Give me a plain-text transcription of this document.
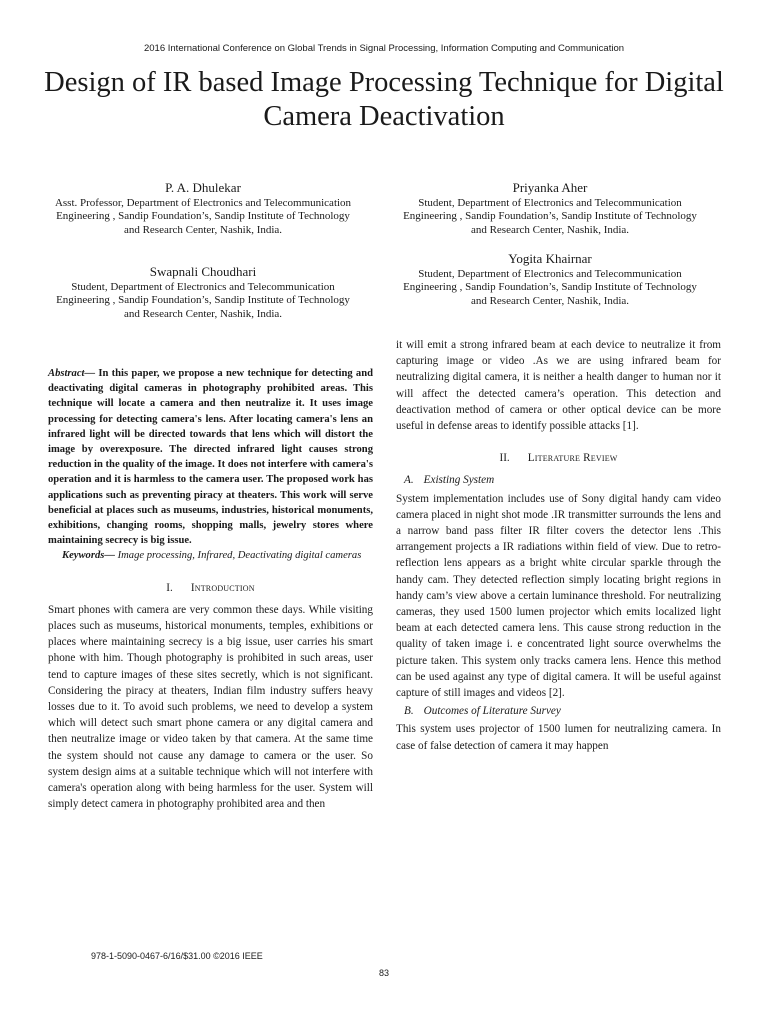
2016 International Conference on Global Trends in Signal Processing, Information Computing and Communication
Design of IR based Image Processing Technique for Digital Camera Deactivation
P. A. Dhulekar
Asst. Professor, Department of Electronics and Telecommunication Engineering , Sandip Foundation’s, Sandip Institute of Technology and Research Center, Nashik, India.
Swapnali Choudhari
Student, Department of Electronics and Telecommunication Engineering , Sandip Foundation’s, Sandip Institute of Technology and Research Center, Nashik, India.
Priyanka Aher
Student, Department of Electronics and Telecommunication Engineering , Sandip Foundation’s, Sandip Institute of Technology and Research Center, Nashik, India.
Yogita Khairnar
Student, Department of Electronics and Telecommunication Engineering , Sandip Foundation’s, Sandip Institute of Technology and Research Center, Nashik, India.

Abstract— In this paper, we propose a new technique for detecting and deactivating digital cameras in photography prohibited areas. This technique will locate a camera and then neutralize it. It uses image processing for detecting camera's lens. After locating camera's lens an infrared light will be directed towards that lens which will distort the image by overexposure. The directed infrared light causes strong reduction in the quality of the image. It does not interfere with camera's operation and it is harmless to the camera user. The proposed work has applications such as preventing piracy at theaters. This work will serve beneficial at places such as museums, industries, historical monuments, exhibitions, changing rooms, shopping malls, jewelry stores where maintaining secrecy is big issue.

Keywords— Image processing, Infrared, Deactivating digital cameras

I. Introduction

Smart phones with camera are very common these days. While visiting places such as museums, historical monuments, temples, exhibitions or places where maintaining secrecy is a big issue, user carries his smart phone with him. Though photography is prohibited in such areas, user tend to capture images of these sites secretly, which is not significant. Considering the piracy at theaters, Indian film industry suffers heavy losses due to it. To avoid such problems, we need to develop a system which will detect such smart phone camera or any digital camera and then neutralize image or video taken by that camera. At the same time the system should not cause any damage to camera or the user. So system design aims at a suitable technique which will not interfere with camera's operation along with being harmless for the user. System will simply detect camera in photography prohibited area and then

it will emit a strong infrared beam at each device to neutralize it from capturing image or video .As we are using infrared beam for neutralizing digital camera, it is neither a health danger to human nor it will affect the detected camera’s operation. This detection and deactivation method of camera or other optical device can be more useful in defense areas to identify possible attacks [1].

II. Literature Review

A. Existing System

System implementation includes use of Sony digital handy cam video camera placed in night shot mode .IR transmitter surrounds the lens and a narrow band pass filter IR filter covers the detector lens .This arrangement projects a IR radiations within field of view. Due to retro-reflection lens appears as a bright white circular sparkle through the handy cam. They detected reflection simply locating bright regions in handy cam’s view above a certain luminance threshold. For neutralizing cameras, they used 1500 lumen projector which emits localized light beam at each detected camera lens. This cause strong reduction in the quality of taken image i. e concentrated light source overwhelms the picture taken. This system only tracks camera lens. Hence this method can be used against any type of digital camera. It will be useful against capture of still images and videos [2].

B. Outcomes of Literature Survey

This system uses projector of 1500 lumen for neutralizing camera. In case of false detection of camera it may happen

978-1-5090-0467-6/16/$31.00 ©2016 IEEE
83
